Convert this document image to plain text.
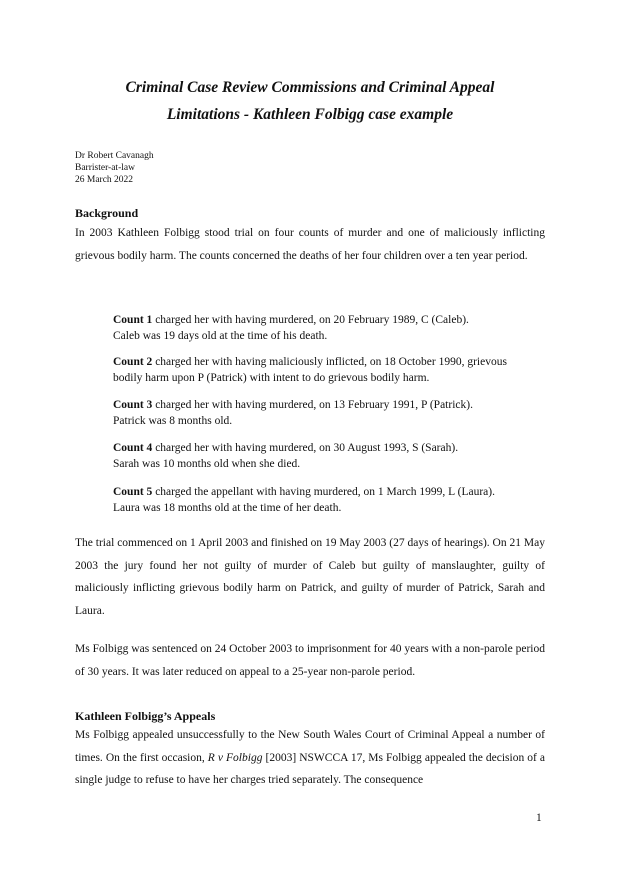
Criminal Case Review Commissions and Criminal Appeal
Limitations - Kathleen Folbigg case example
Dr Robert Cavanagh
Barrister-at-law
26 March 2022
Background

In 2003 Kathleen Folbigg stood trial on four counts of murder and one of maliciously inflicting grievous bodily harm. The counts concerned the deaths of her four children over a ten year period.

Count 1 charged her with having murdered, on 20 February 1989, C (Caleb).
Caleb was 19 days old at the time of his death.
Count 2 charged her with having maliciously inflicted, on 18 October 1990, grievous
bodily harm upon P (Patrick) with intent to do grievous bodily harm.
Count 3 charged her with having murdered, on 13 February 1991, P (Patrick).
Patrick was 8 months old.
Count 4 charged her with having murdered, on 30 August 1993, S (Sarah).
Sarah was 10 months old when she died.
Count 5 charged the appellant with having murdered, on 1 March 1999, L (Laura).
Laura was 18 months old at the time of her death.

The trial commenced on 1 April 2003 and finished on 19 May 2003 (27 days of hearings). On 21 May 2003 the jury found her not guilty of murder of Caleb but guilty of manslaughter, guilty of maliciously inflicting grievous bodily harm on Patrick, and guilty of murder of Patrick, Sarah and Laura.

Ms Folbigg was sentenced on 24 October 2003 to imprisonment for 40 years with a non-parole period of 30 years. It was later reduced on appeal to a 25-year non-parole period.

Kathleen Folbigg’s Appeals

Ms Folbigg appealed unsuccessfully to the New South Wales Court of Criminal Appeal a number of times. On the first occasion, R v Folbigg [2003] NSWCCA 17, Ms Folbigg appealed the decision of a single judge to refuse to have her charges tried separately. The consequence

1
